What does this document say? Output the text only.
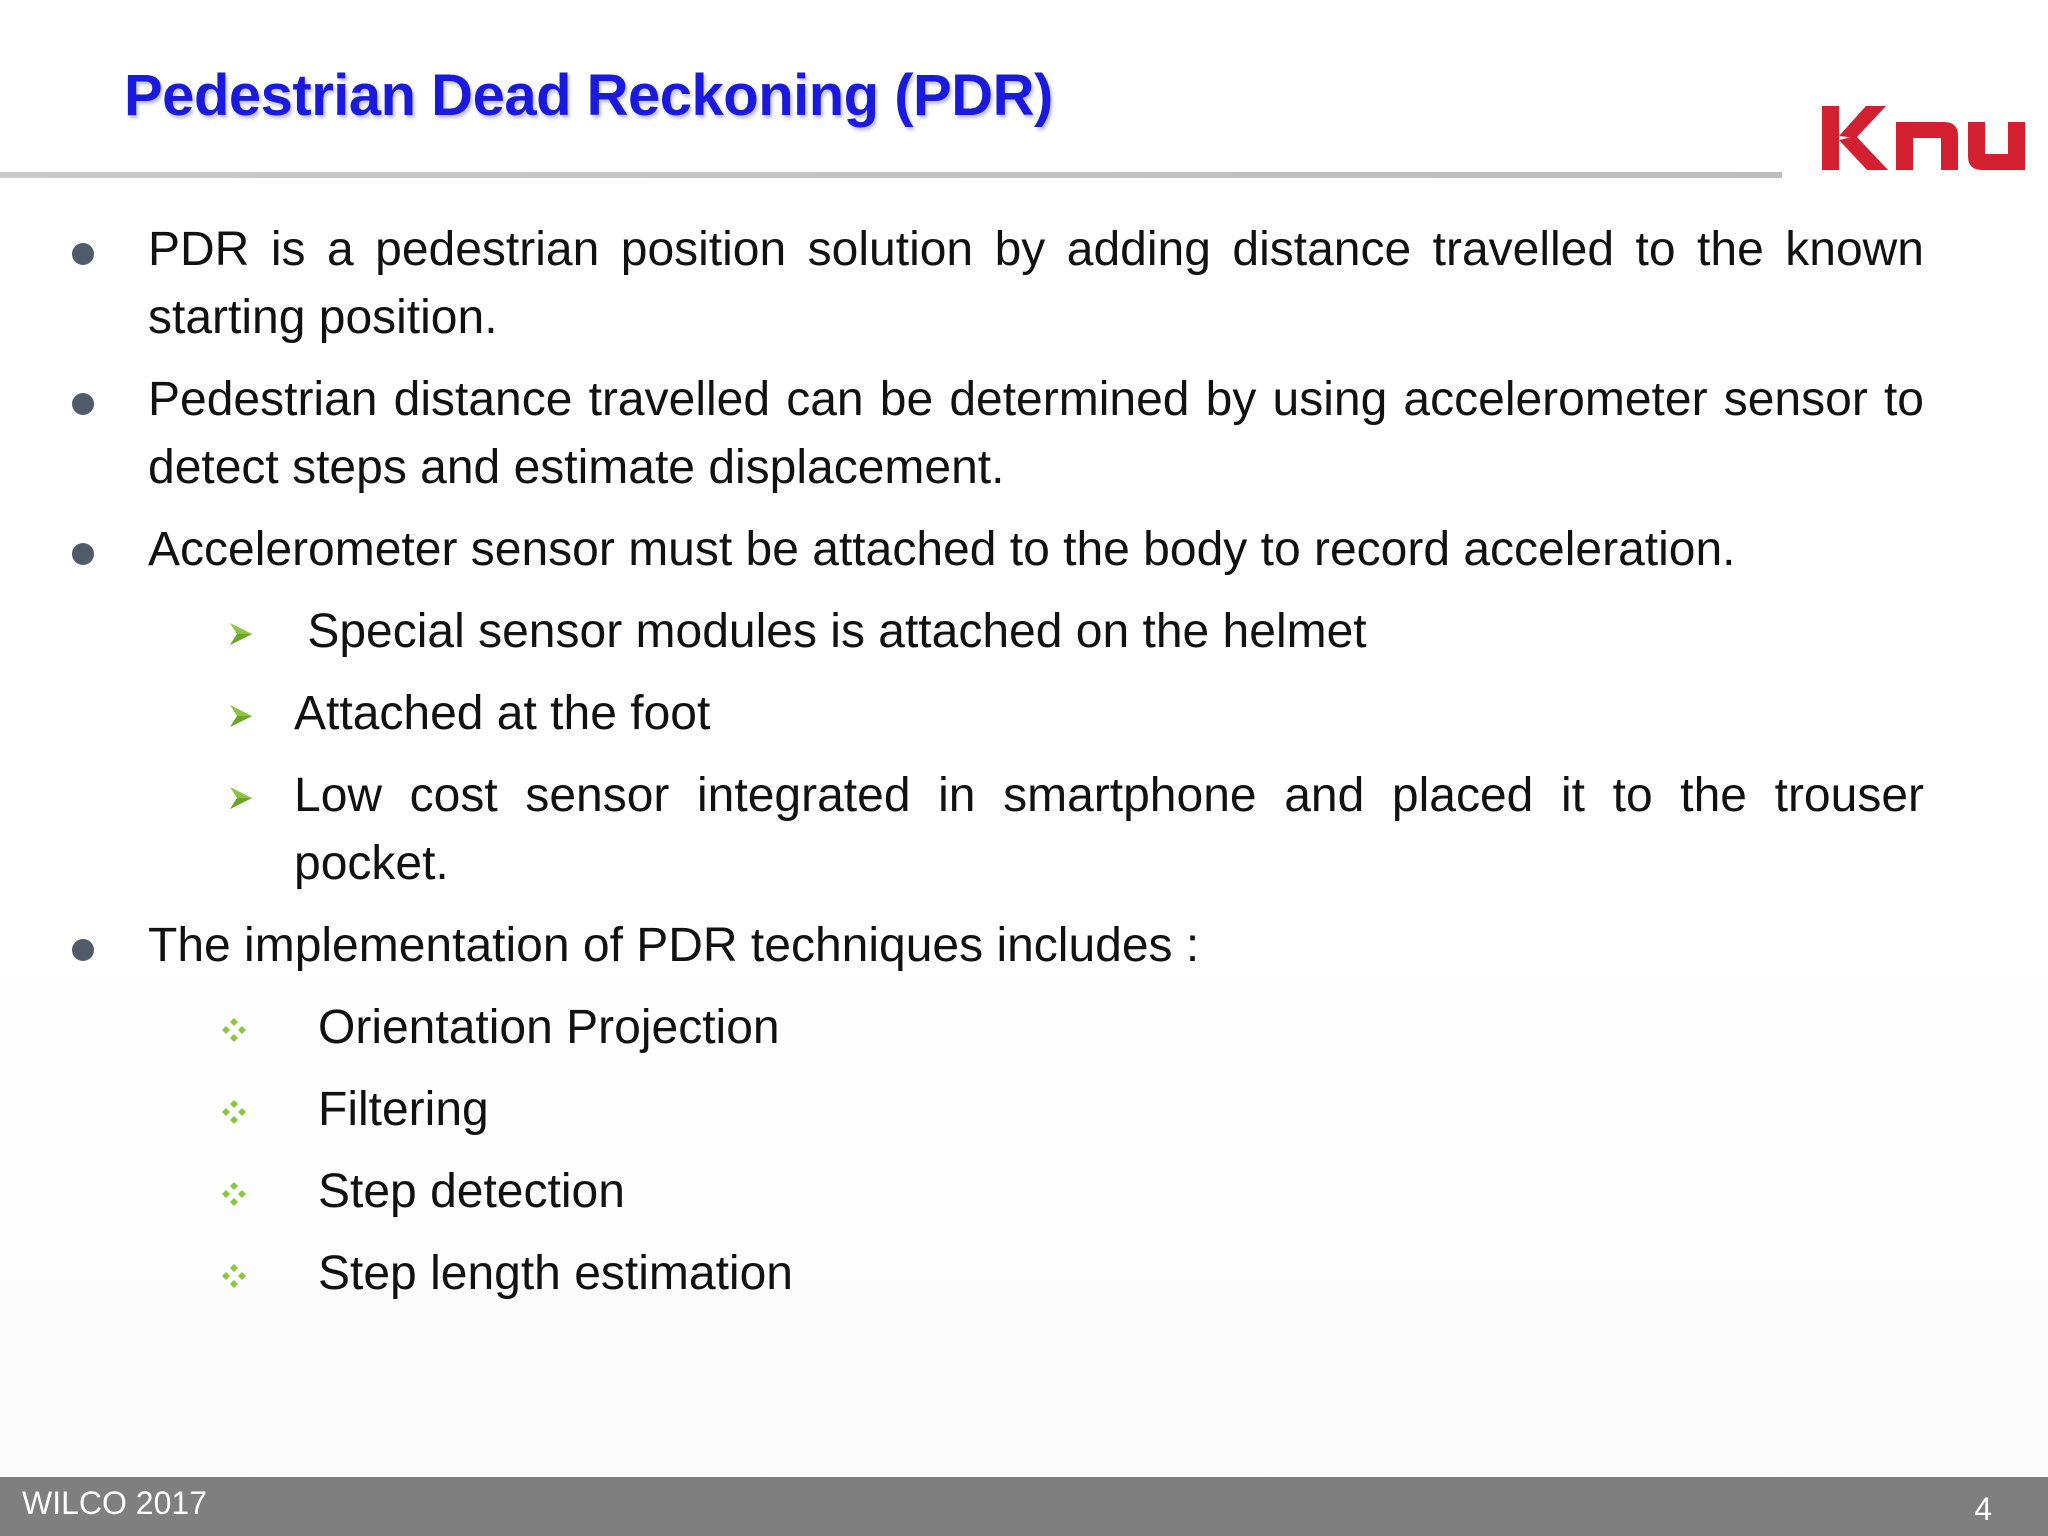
Pedestrian Dead Reckoning (PDR)
PDR is a pedestrian position solution by adding distance travelled to the known starting position.
Pedestrian distance travelled can be determined by using accelerometer sensor to detect steps and estimate displacement.
Accelerometer sensor must be attached to the body to record acceleration.
Special sensor modules is attached on the helmet
Attached at the foot
Low cost sensor integrated in smartphone and placed it to the trouser pocket.
The implementation of PDR techniques includes :
Orientation Projection
Filtering
Step detection
Step length estimation
WILCO 2017	4
